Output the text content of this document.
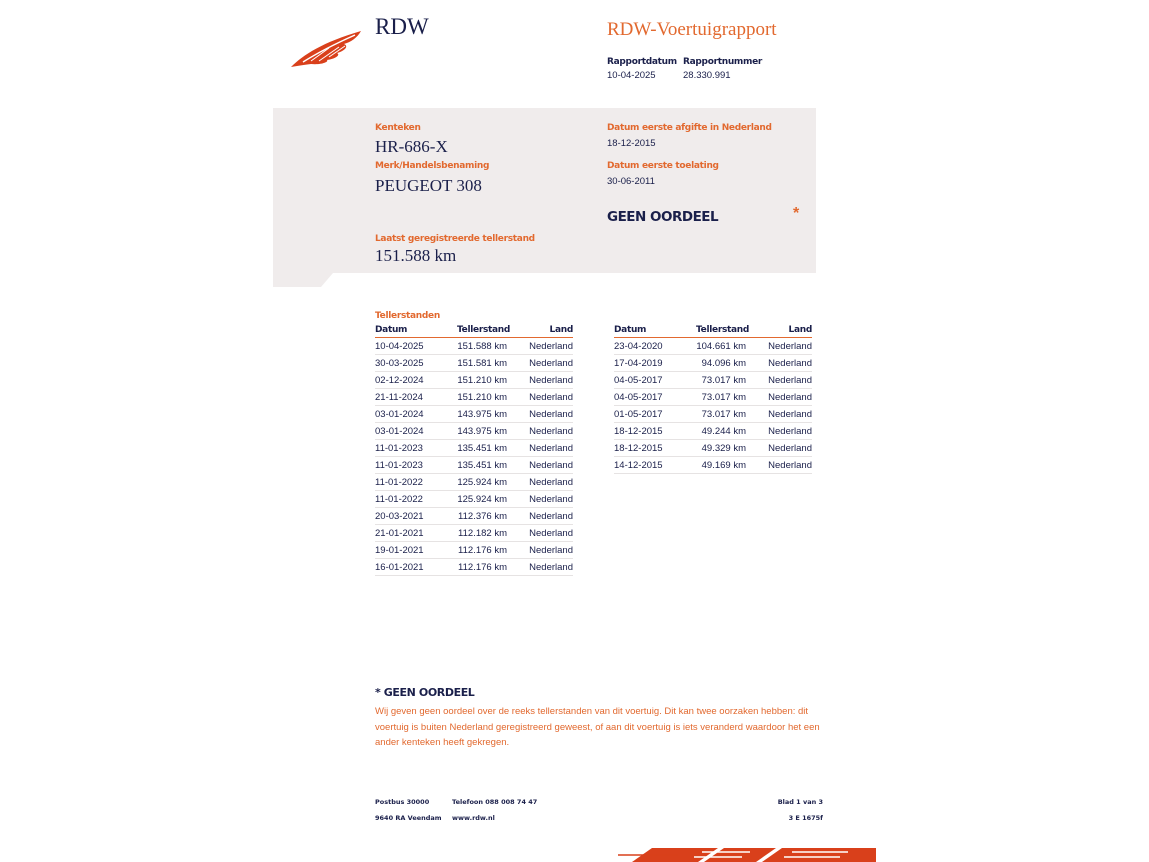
RDW	RDW-Voertuigrapport
Rapportdatum
10-04-2025
Rapportnummer
28.330.991
Kenteken
HR-686-X
Merk/Handelsbenaming
PEUGEOT 308
Laatst geregistreerde tellerstand
151.588 km
Datum eerste afgifte in Nederland
18-12-2015
Datum eerste toelating
30-06-2011
GEEN OORDEEL	*
Tellerstanden
Datum	Tellerstand	Land
10-04-2025	151.588 km	Nederland
30-03-2025	151.581 km	Nederland
02-12-2024	151.210 km	Nederland
21-11-2024	151.210 km	Nederland
03-01-2024	143.975 km	Nederland
03-01-2024	143.975 km	Nederland
11-01-2023	135.451 km	Nederland
11-01-2023	135.451 km	Nederland
11-01-2022	125.924 km	Nederland
11-01-2022	125.924 km	Nederland
20-03-2021	112.376 km	Nederland
21-01-2021	112.182 km	Nederland
19-01-2021	112.176 km	Nederland
16-01-2021	112.176 km	Nederland
Datum	Tellerstand	Land
23-04-2020	104.661 km	Nederland
17-04-2019	94.096 km	Nederland
04-05-2017	73.017 km	Nederland
04-05-2017	73.017 km	Nederland
01-05-2017	73.017 km	Nederland
18-12-2015	49.244 km	Nederland
18-12-2015	49.329 km	Nederland
14-12-2015	49.169 km	Nederland
* GEEN OORDEEL
Wij geven geen oordeel over de reeks tellerstanden van dit voertuig. Dit kan twee oorzaken hebben: dit
voertuig is buiten Nederland geregistreerd geweest, of aan dit voertuig is iets veranderd waardoor het een
ander kenteken heeft gekregen.
Postbus 30000
9640 RA Veendam
Telefoon 088 008 74 47
www.rdw.nl
Blad 1 van 3
3 E 1675f
